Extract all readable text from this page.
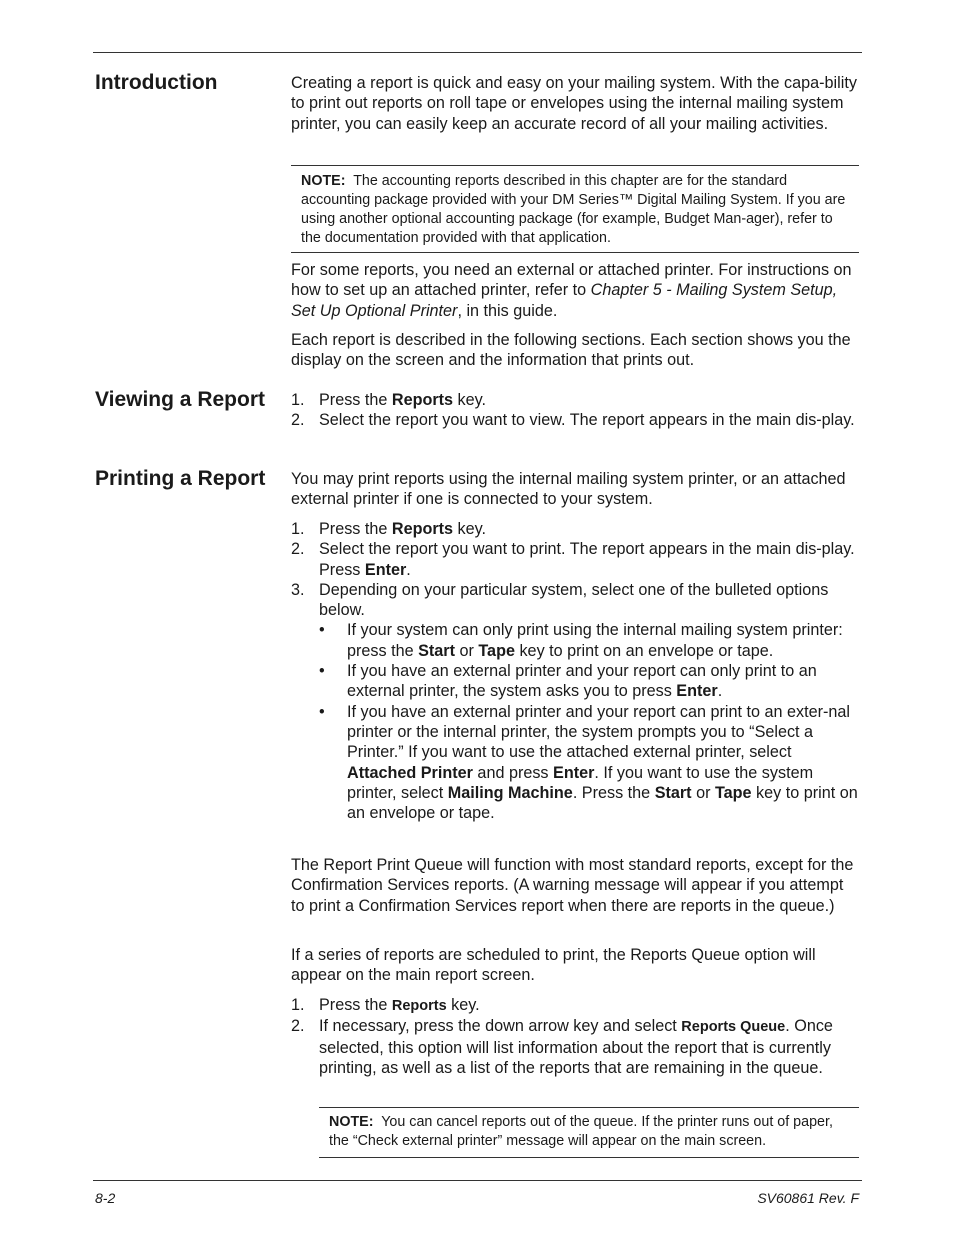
Introduction	Creating a report is quick and easy on your mailing system. With the capa-bility to print out reports on roll tape or envelopes using the internal mailing system printer, you can easily keep an accurate record of all your mailing activities.

NOTE: The accounting reports described in this chapter are for the standard accounting package provided with your DM Series™ Digital Mailing System. If you are using another optional accounting package (for example, Budget Man-ager), refer to the documentation provided with that application.

For some reports, you need an external or attached printer. For instructions on how to set up an attached printer, refer to Chapter 5 - Mailing System Setup, Set Up Optional Printer, in this guide.

Each report is described in the following sections. Each section shows you the display on the screen and the information that prints out.

Viewing a Report	1. Press the Reports key.
2. Select the report you want to view. The report appears in the main dis-play.
Printing a Report	You may print reports using the internal mailing system printer, or an attached external printer if one is connected to your system.

1. Press the Reports key.
2. Select the report you want to print. The report appears in the main dis-play. Press Enter.
3. Depending on your particular system, select one of the bulleted options below.
• If your system can only print using the internal mailing system printer: press the Start or Tape key to print on an envelope or tape.
• If you have an external printer and your report can only print to an external printer, the system asks you to press Enter.
• If you have an external printer and your report can print to an exter-nal printer or the internal printer, the system prompts you to “Select a Printer.” If you want to use the attached external printer, select Attached Printer and press Enter. If you want to use the system printer, select Mailing Machine. Press the Start or Tape key to print on an envelope or tape.

The Report Print Queue will function with most standard reports, except for the Confirmation Services reports. (A warning message will appear if you attempt to print a Confirmation Services report when there are reports in the queue.)

If a series of reports are scheduled to print, the Reports Queue option will appear on the main report screen.

1. Press the Reports key.
2. If necessary, press the down arrow key and select Reports Queue. Once selected, this option will list information about the report that is currently printing, as well as a list of the reports that are remaining in the queue.
NOTE: You can cancel reports out of the queue. If the printer runs out of paper, the “Check external printer” message will appear on the main screen.
8-2	SV60861 Rev. F
